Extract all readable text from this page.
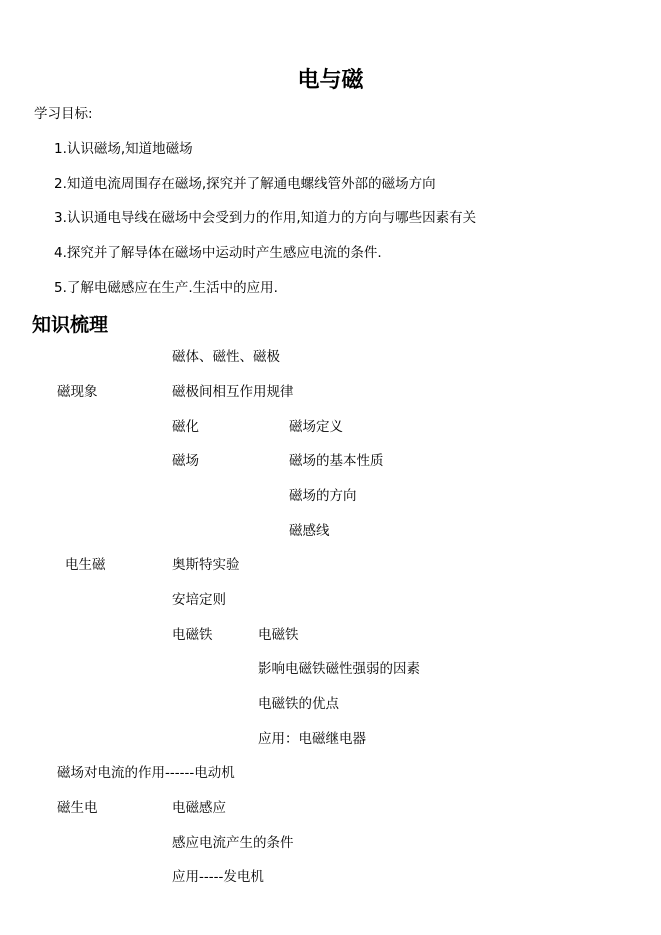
电与磁
学习目标:
1.认识磁场,知道地磁场
2.知道电流周围存在磁场,探究并了解通电螺线管外部的磁场方向
3.认识通电导线在磁场中会受到力的作用,知道力的方向与哪些因素有关
4.探究并了解导体在磁场中运动时产生感应电流的条件.
5.了解电磁感应在生产.生活中的应用.
知识梳理
磁体、磁性、磁极
磁现象	磁极间相互作用规律
磁化	磁场定义
磁场	磁场的基本性质
磁场的方向
磁感线
电生磁	奥斯特实验
安培定则
电磁铁	电磁铁
影响电磁铁磁性强弱的因素
电磁铁的优点
应用：电磁继电器
磁场对电流的作用------电动机
磁生电	电磁感应
感应电流产生的条件
应用-----发电机
